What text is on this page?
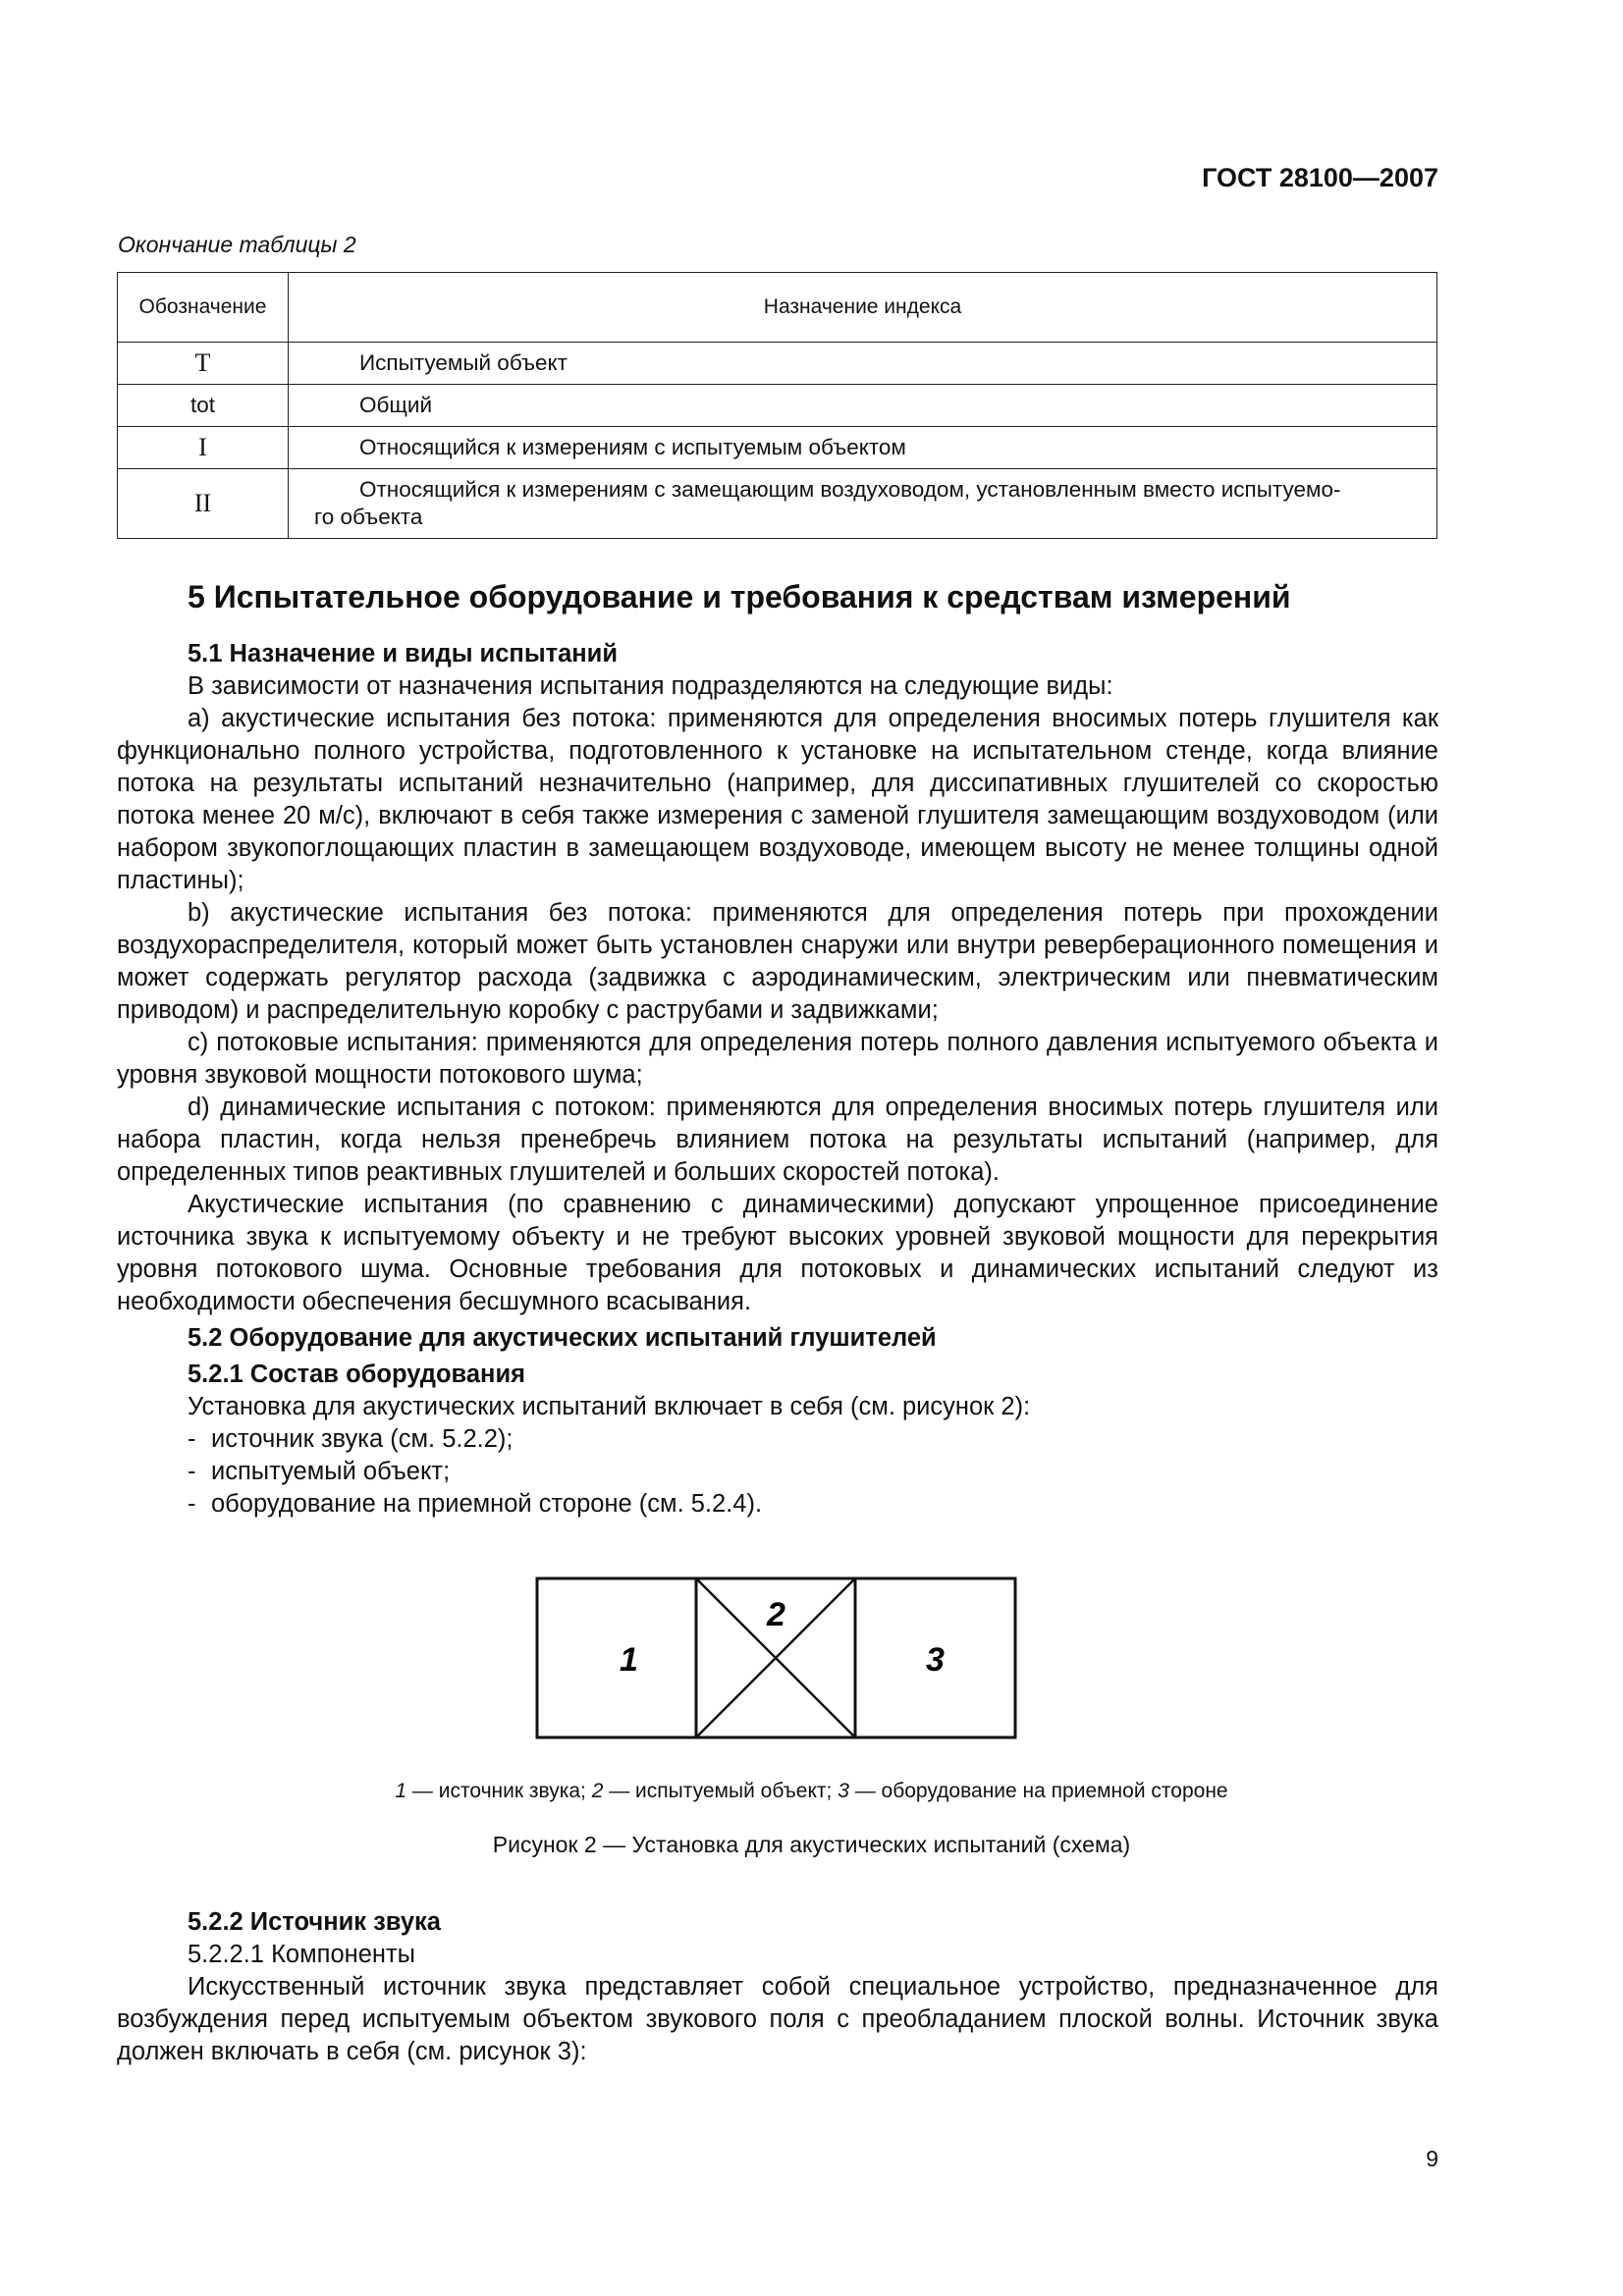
ГОСТ 28100—2007
Окончание таблицы 2
Обозначение	Назначение индекса
T	Испытуемый объект
tot	Общий
I	Относящийся к измерениям с испытуемым объектом
II	Относящийся к измерениям с замещающим воздуховодом, установленным вместо испытуемо-
го объекта
5 Испытательное оборудование и требования к средствам измерений

5.1 Назначение и виды испытаний

В зависимости от назначения испытания подразделяются на следующие виды:

a) акустические испытания без потока: применяются для определения вносимых потерь глушителя как функционально полного устройства, подготовленного к установке на испытательном стенде, когда влияние потока на результаты испытаний незначительно (например, для диссипативных глушителей со скоростью потока менее 20 м/с), включают в себя также измерения с заменой глушителя замещающим воздуховодом (или набором звукопоглощающих пластин в замещающем воздуховоде, имеющем высоту не менее толщины одной пластины);

b) акустические испытания без потока: применяются для определения потерь при прохождении воздухораспределителя, который может быть установлен снаружи или внутри реверберационного помещения и может содержать регулятор расхода (задвижка с аэродинамическим, электрическим или пневматическим приводом) и распределительную коробку с раструбами и задвижками;

c) потоковые испытания: применяются для определения потерь полного давления испытуемого объекта и уровня звуковой мощности потокового шума;

d) динамические испытания с потоком: применяются для определения вносимых потерь глушителя или набора пластин, когда нельзя пренебречь влиянием потока на результаты испытаний (например, для определенных типов реактивных глушителей и больших скоростей потока).

Акустические испытания (по сравнению с динамическими) допускают упрощенное присоединение источника звука к испытуемому объекту и не требуют высоких уровней звуковой мощности для перекрытия уровня потокового шума. Основные требования для потоковых и динамических испытаний следуют из необходимости обеспечения бесшумного всасывания.

5.2 Оборудование для акустических испытаний глушителей

5.2.1 Состав оборудования

Установка для акустических испытаний включает в себя (см. рисунок 2):

- источник звука (см. 5.2.2);

- испытуемый объект;

- оборудование на приемной стороне (см. 5.2.4).

1
2
3
1 — источник звука; 2 — испытуемый объект; 3 — оборудование на приемной стороне
Рисунок 2 — Установка для акустических испытаний (схема)

5.2.2 Источник звука

5.2.2.1 Компоненты

Искусственный источник звука представляет собой специальное устройство, предназначенное для возбуждения перед испытуемым объектом звукового поля с преобладанием плоской волны. Источник звука должен включать в себя (см. рисунок 3):

9
